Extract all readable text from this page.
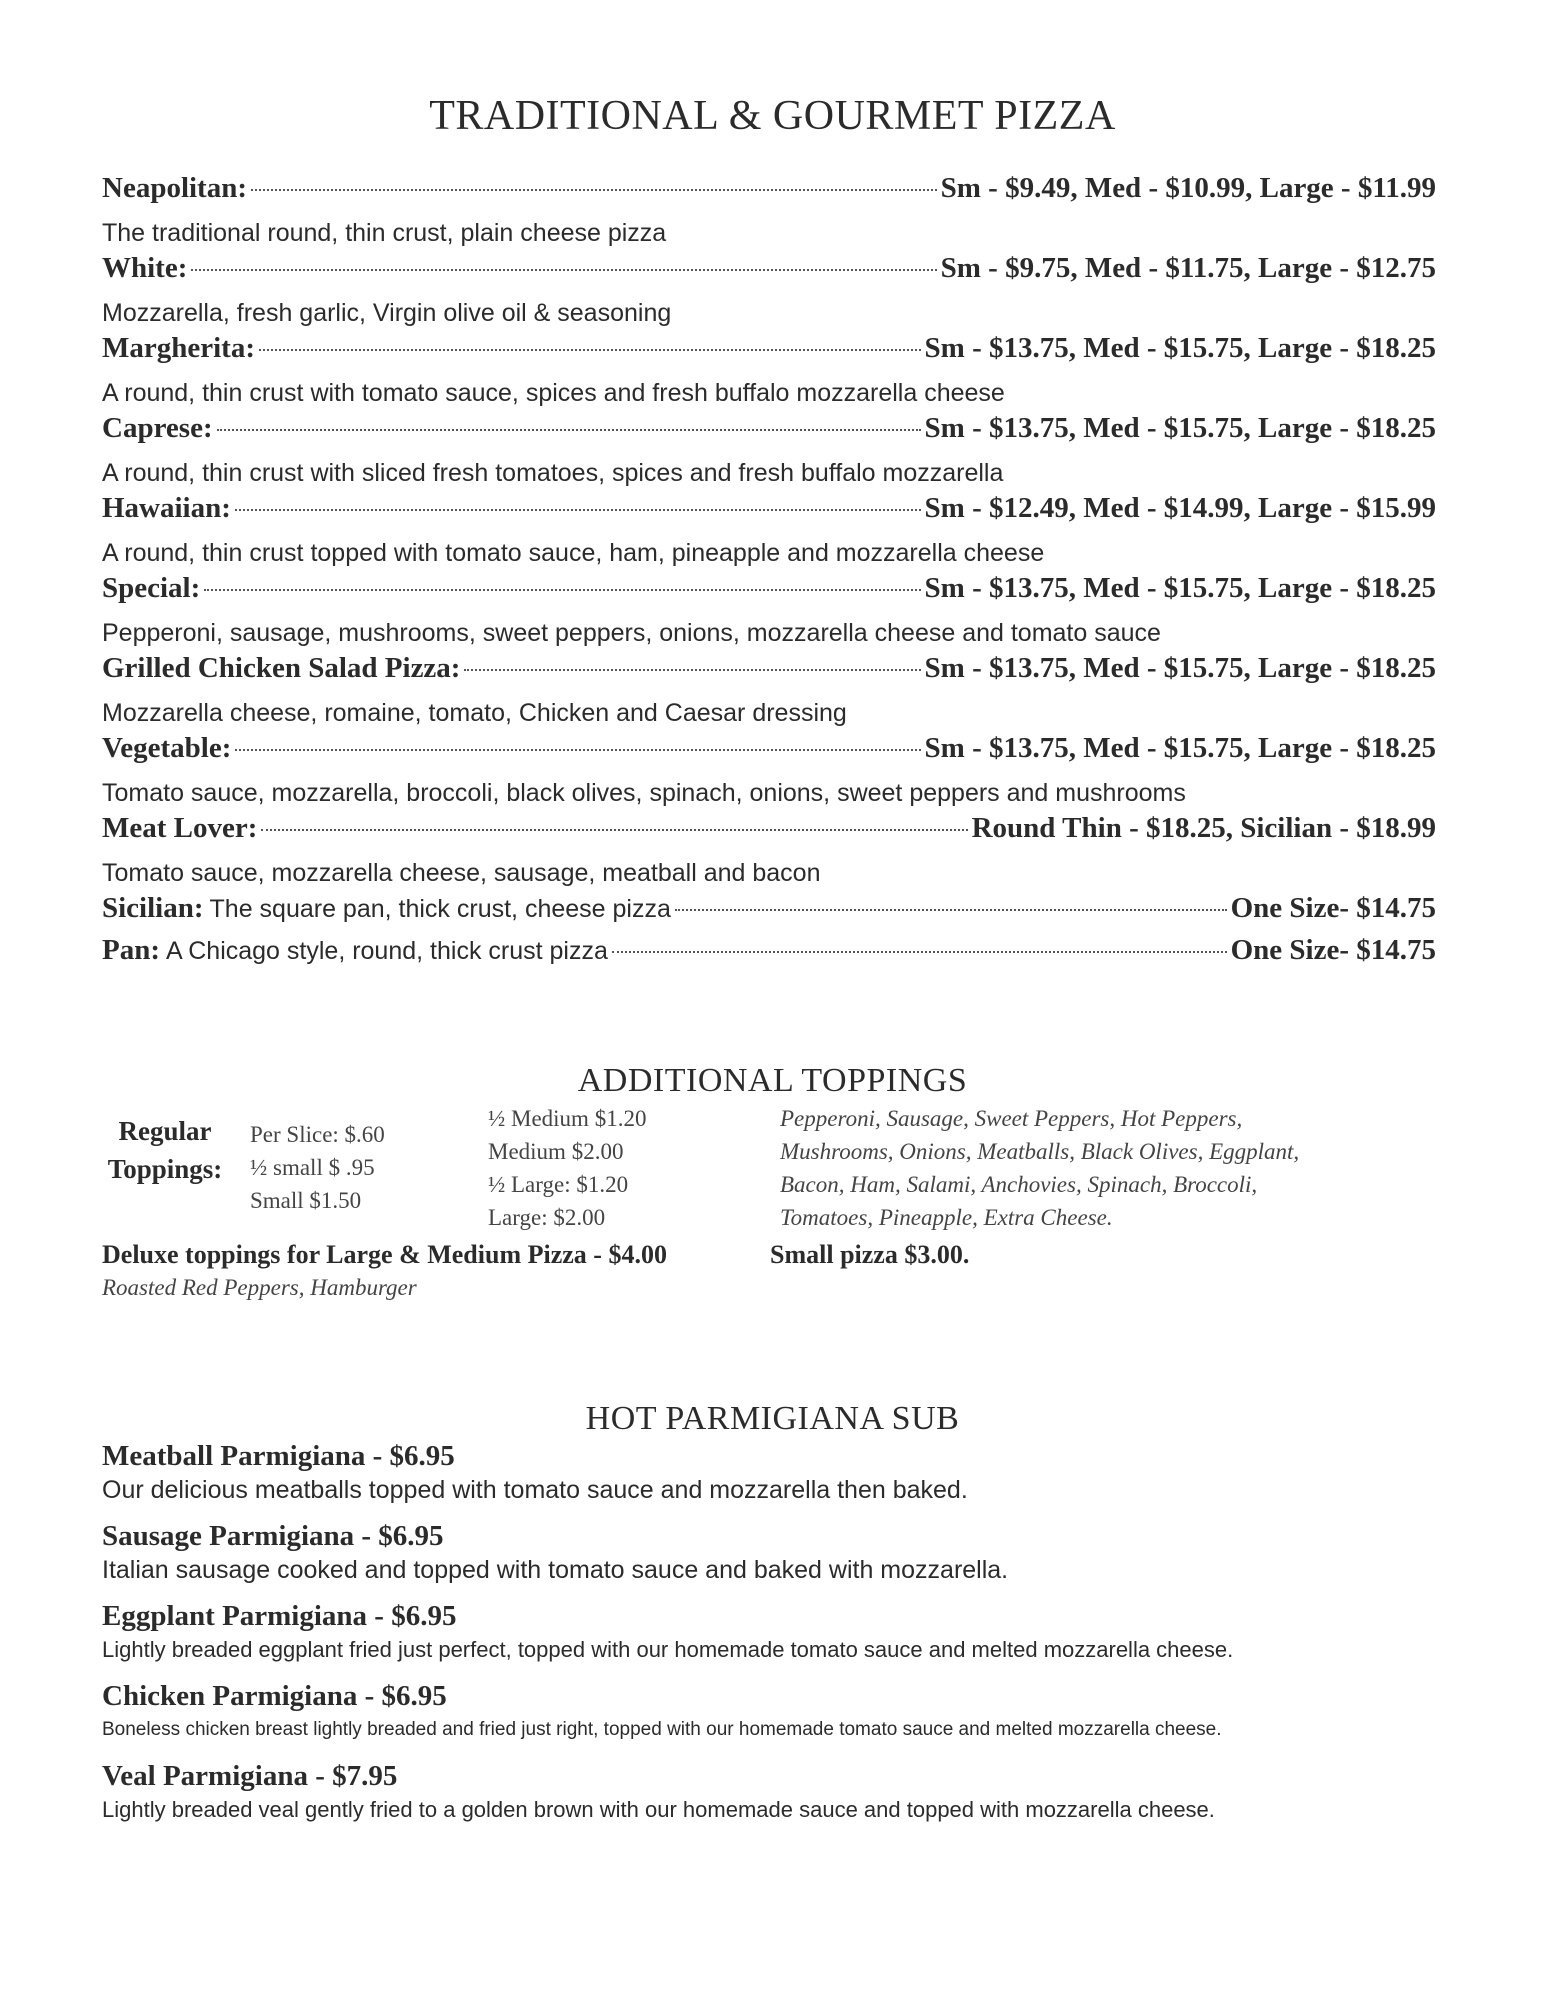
TRADITIONAL & GOURMET PIZZA
Neapolitan:	Sm - $9.49, Med - $10.99, Large - $11.99
The traditional round, thin crust, plain cheese pizza
White:	Sm - $9.75, Med - $11.75, Large - $12.75
Mozzarella, fresh garlic, Virgin olive oil & seasoning
Margherita:	Sm - $13.75, Med - $15.75, Large - $18.25
A round, thin crust with tomato sauce, spices and fresh buffalo mozzarella cheese
Caprese:	Sm - $13.75, Med - $15.75, Large - $18.25
A round, thin crust with sliced fresh tomatoes, spices and fresh buffalo mozzarella
Hawaiian:	Sm - $12.49, Med - $14.99, Large - $15.99
A round, thin crust topped with tomato sauce, ham, pineapple and mozzarella cheese
Special:	Sm - $13.75, Med - $15.75, Large - $18.25
Pepperoni, sausage, mushrooms, sweet peppers, onions, mozzarella cheese and tomato sauce
Grilled Chicken Salad Pizza:	Sm - $13.75, Med - $15.75, Large - $18.25
Mozzarella cheese, romaine, tomato, Chicken and Caesar dressing
Vegetable:	Sm - $13.75, Med - $15.75, Large - $18.25
Tomato sauce, mozzarella, broccoli, black olives, spinach, onions, sweet peppers and mushrooms
Meat Lover:	Round Thin - $18.25, Sicilian - $18.99
Tomato sauce, mozzarella cheese, sausage, meatball and bacon
Sicilian: The square pan, thick crust, cheese pizza	One Size- $14.75
Pan: A Chicago style, round, thick crust pizza	One Size- $14.75
ADDITIONAL TOPPINGS
Regular
Toppings:
Per Slice: $.60
½ small $ .95
Small $1.50
½ Medium $1.20
Medium $2.00
½ Large: $1.20
Large: $2.00
Pepperoni, Sausage, Sweet Peppers, Hot Peppers,
Mushrooms, Onions, Meatballs, Black Olives, Eggplant,
Bacon, Ham, Salami, Anchovies, Spinach, Broccoli,
Tomatoes, Pineapple, Extra Cheese.
Deluxe toppings for Large & Medium Pizza - $4.00
Roasted Red Peppers, Hamburger
Small pizza $3.00.
HOT PARMIGIANA SUB
Meatball Parmigiana - $6.95
Our delicious meatballs topped with tomato sauce and mozzarella then baked.
Sausage Parmigiana - $6.95
Italian sausage cooked and topped with tomato sauce and baked with mozzarella.
Eggplant Parmigiana - $6.95
Lightly breaded eggplant fried just perfect, topped with our homemade tomato sauce and melted mozzarella cheese.
Chicken Parmigiana - $6.95
Boneless chicken breast lightly breaded and fried just right, topped with our homemade tomato sauce and melted mozzarella cheese.
Veal Parmigiana - $7.95
Lightly breaded veal gently fried to a golden brown with our homemade sauce and topped with mozzarella cheese.
